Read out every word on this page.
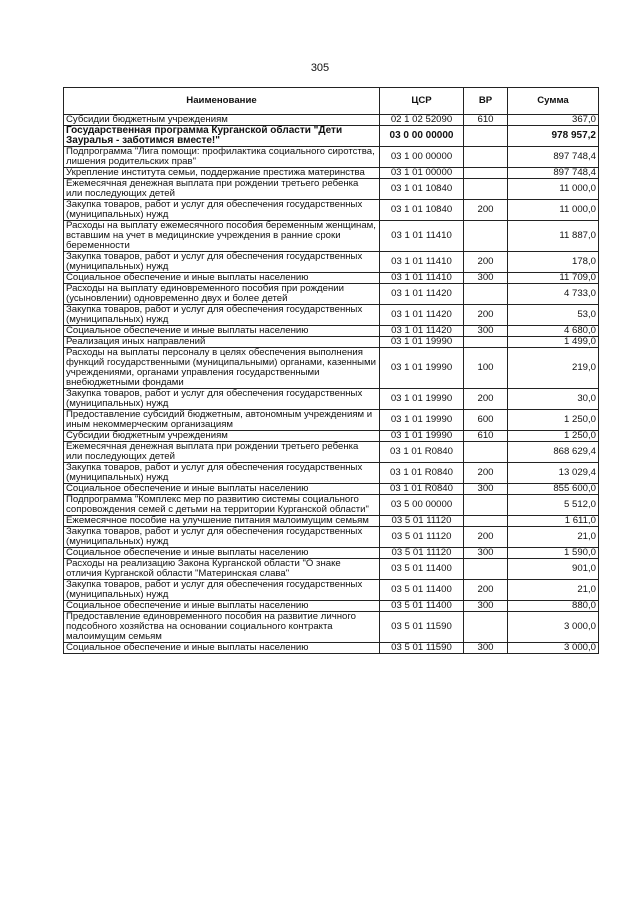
305
Наименование	ЦСР	ВР	Сумма
Субсидии бюджетным учреждениям	02 1 02 52090	610	367,0
Государственная программа Курганской области "Дети Зауралья - заботимся вместе!"	03 0 00 00000		978 957,2
Подпрограмма "Лига помощи: профилактика социального сиротства, лишения родительских прав"	03 1 00 00000		897 748,4
Укрепление института семьи, поддержание престижа материнства	03 1 01 00000		897 748,4
Ежемесячная денежная выплата при рождении третьего ребенка или последующих детей	03 1 01 10840		11 000,0
Закупка товаров, работ и услуг для обеспечения государственных (муниципальных) нужд	03 1 01 10840	200	11 000,0
Расходы на выплату ежемесячного пособия беременным женщинам, вставшим на учет в медицинские учреждения в ранние сроки беременности	03 1 01 11410		11 887,0
Закупка товаров, работ и услуг для обеспечения государственных (муниципальных) нужд	03 1 01 11410	200	178,0
Социальное обеспечение и иные выплаты населению	03 1 01 11410	300	11 709,0
Расходы на выплату единовременного пособия при рождении (усыновлении) одновременно двух и более детей	03 1 01 11420		4 733,0
Закупка товаров, работ и услуг для обеспечения государственных (муниципальных) нужд	03 1 01 11420	200	53,0
Социальное обеспечение и иные выплаты населению	03 1 01 11420	300	4 680,0
Реализация иных направлений	03 1 01 19990		1 499,0
Расходы на выплаты персоналу в целях обеспечения выполнения функций государственными (муниципальными) органами, казенными учреждениями, органами управления государственными внебюджетными фондами	03 1 01 19990	100	219,0
Закупка товаров, работ и услуг для обеспечения государственных (муниципальных) нужд	03 1 01 19990	200	30,0
Предоставление субсидий бюджетным, автономным учреждениям и иным некоммерческим организациям	03 1 01 19990	600	1 250,0
Субсидии бюджетным учреждениям	03 1 01 19990	610	1 250,0
Ежемесячная денежная выплата при рождении третьего ребенка или последующих детей	03 1 01 R0840		868 629,4
Закупка товаров, работ и услуг для обеспечения государственных (муниципальных) нужд	03 1 01 R0840	200	13 029,4
Социальное обеспечение и иные выплаты населению	03 1 01 R0840	300	855 600,0
Подпрограмма "Комплекс мер по развитию системы социального сопровождения семей с детьми на территории Курганской области"	03 5 00 00000		5 512,0
Ежемесячное пособие на улучшение питания малоимущим семьям	03 5 01 11120		1 611,0
Закупка товаров, работ и услуг для обеспечения государственных (муниципальных) нужд	03 5 01 11120	200	21,0
Социальное обеспечение и иные выплаты населению	03 5 01 11120	300	1 590,0
Расходы на реализацию Закона Курганской области "О знаке отличия Курганской области "Материнская слава"	03 5 01 11400		901,0
Закупка товаров, работ и услуг для обеспечения государственных (муниципальных) нужд	03 5 01 11400	200	21,0
Социальное обеспечение и иные выплаты населению	03 5 01 11400	300	880,0
Предоставление единовременного пособия на развитие личного подсобного хозяйства на основании социального контракта малоимущим семьям	03 5 01 11590		3 000,0
Социальное обеспечение и иные выплаты населению	03 5 01 11590	300	3 000,0
